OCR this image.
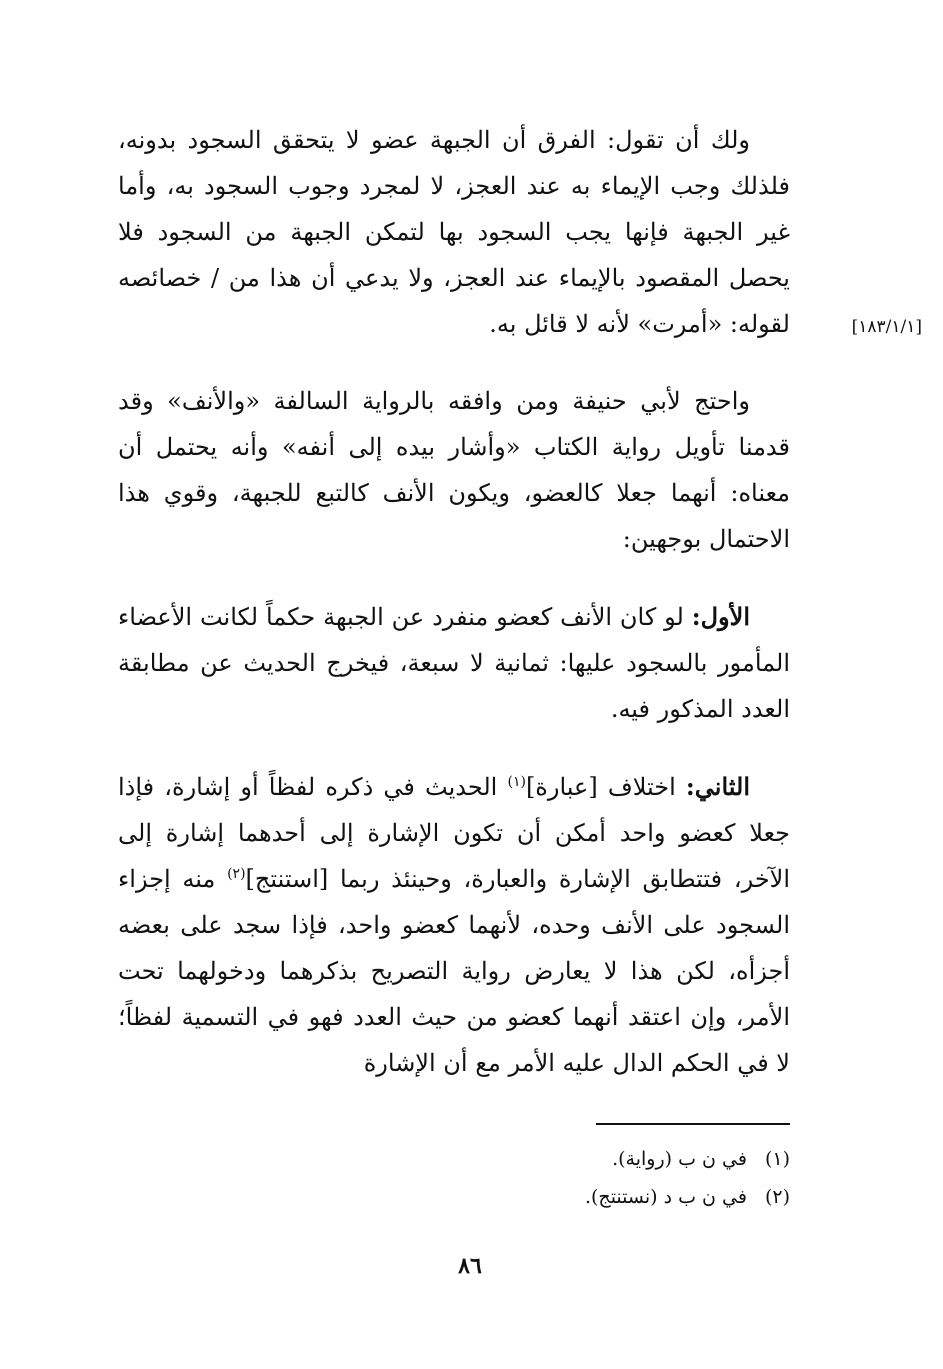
[١٨٣/١/١]

ولك أن تقول: الفرق أن الجبهة عضو لا يتحقق السجود بدونه، فلذلك وجب الإيماء به عند العجز، لا لمجرد وجوب السجود به، وأما غير الجبهة فإنها يجب السجود بها لتمكن الجبهة من السجود فلا يحصل المقصود بالإيماء عند العجز، ولا يدعي أن هذا من / خصائصه لقوله: «أمرت» لأنه لا قائل به.

واحتج لأبي حنيفة ومن وافقه بالرواية السالفة «والأنف» وقد قدمنا تأويل رواية الكتاب «وأشار بيده إلى أنفه» وأنه يحتمل أن معناه: أنهما جعلا كالعضو، ويكون الأنف كالتبع للجبهة، وقوي هذا الاحتمال بوجهين:

الأول: لو كان الأنف كعضو منفرد عن الجبهة حكماً لكانت الأعضاء المأمور بالسجود عليها: ثمانية لا سبعة، فيخرج الحديث عن مطابقة العدد المذكور فيه.

الثاني: اختلاف [عبارة]$^{(١)}$ الحديث في ذكره لفظاً أو إشارة، فإذا جعلا كعضو واحد أمكن أن تكون الإشارة إلى أحدهما إشارة إلى الآخر، فتتطابق الإشارة والعبارة، وحينئذ ربما [استنتج]$^{(٢)}$ منه إجزاء السجود على الأنف وحده، لأنهما كعضو واحد، فإذا سجد على بعضه أجزأه، لكن هذا لا يعارض رواية التصريح بذكرهما ودخولهما تحت الأمر، وإن اعتقد أنهما كعضو من حيث العدد فهو في التسمية لفظاً؛ لا في الحكم الدال عليه الأمر مع أن الإشارة

(١)في ن ب (رواية).

(٢)في ن ب د (نستنتج).

٨٦
